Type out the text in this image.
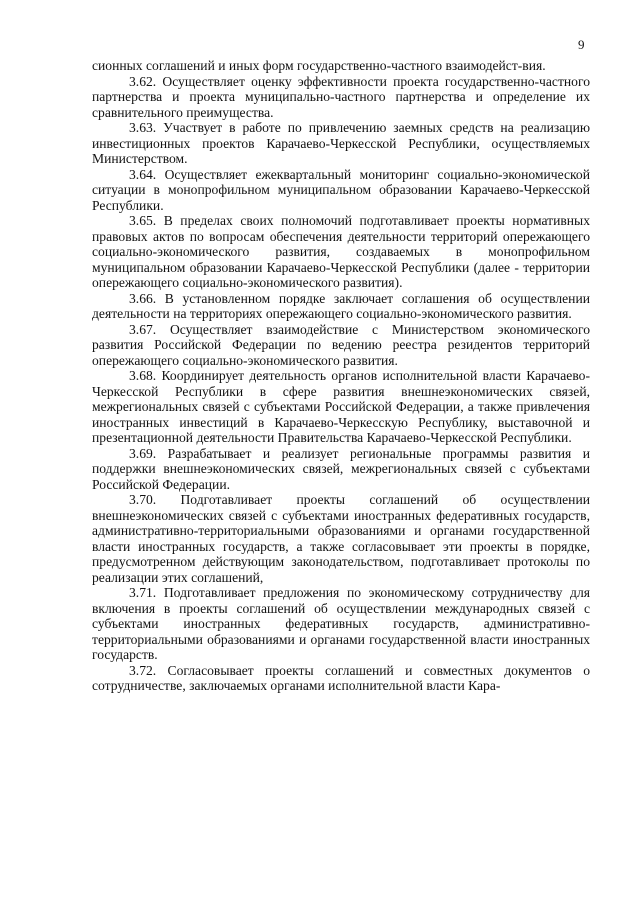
9

сионных соглашений и иных форм государственно-частного взаимодейст-вия.

3.62. Осуществляет оценку эффективности проекта государственно-частного партнерства и проекта муниципально-частного партнерства и определение их сравнительного преимущества.

3.63. Участвует в работе по привлечению заемных средств на реализацию инвестиционных проектов Карачаево-Черкесской Республики, осуществляемых Министерством.

3.64. Осуществляет ежеквартальный мониторинг социально-экономической ситуации в монопрофильном муниципальном образовании Карачаево-Черкесской Республики.

3.65. В пределах своих полномочий подготавливает проекты нормативных правовых актов по вопросам обеспечения деятельности территорий опережающего социально-экономического развития, создаваемых в монопрофильном муниципальном образовании Карачаево-Черкесской Республики (далее - территории опережающего социально-экономического развития).

3.66. В установленном порядке заключает соглашения об осуществлении деятельности на территориях опережающего социально-экономического развития.

3.67. Осуществляет взаимодействие с Министерством экономического развития Российской Федерации по ведению реестра резидентов территорий опережающего социально-экономического развития.

3.68. Координирует деятельность органов исполнительной власти Карачаево-Черкесской Республики в сфере развития внешнеэкономических связей, межрегиональных связей с субъектами Российской Федерации, а также привлечения иностранных инвестиций в Карачаево-Черкесскую Республику, выставочной и презентационной деятельности Правительства Карачаево-Черкесской Республики.

3.69. Разрабатывает и реализует региональные программы развития и поддержки внешнеэкономических связей, межрегиональных связей с субъектами Российской Федерации.

3.70. Подготавливает проекты соглашений об осуществлении внешнеэкономических связей с субъектами иностранных федеративных государств, административно-территориальными образованиями и органами государственной власти иностранных государств, а также согласовывает эти проекты в порядке, предусмотренном действующим законодательством, подготавливает протоколы по реализации этих соглашений,

3.71. Подготавливает предложения по экономическому сотрудничеству для включения в проекты соглашений об осуществлении международных связей с субъектами иностранных федеративных государств, административно-территориальными образованиями и органами государственной власти иностранных государств.

3.72. Согласовывает проекты соглашений и совместных документов о сотрудничестве, заключаемых органами исполнительной власти Кара-
